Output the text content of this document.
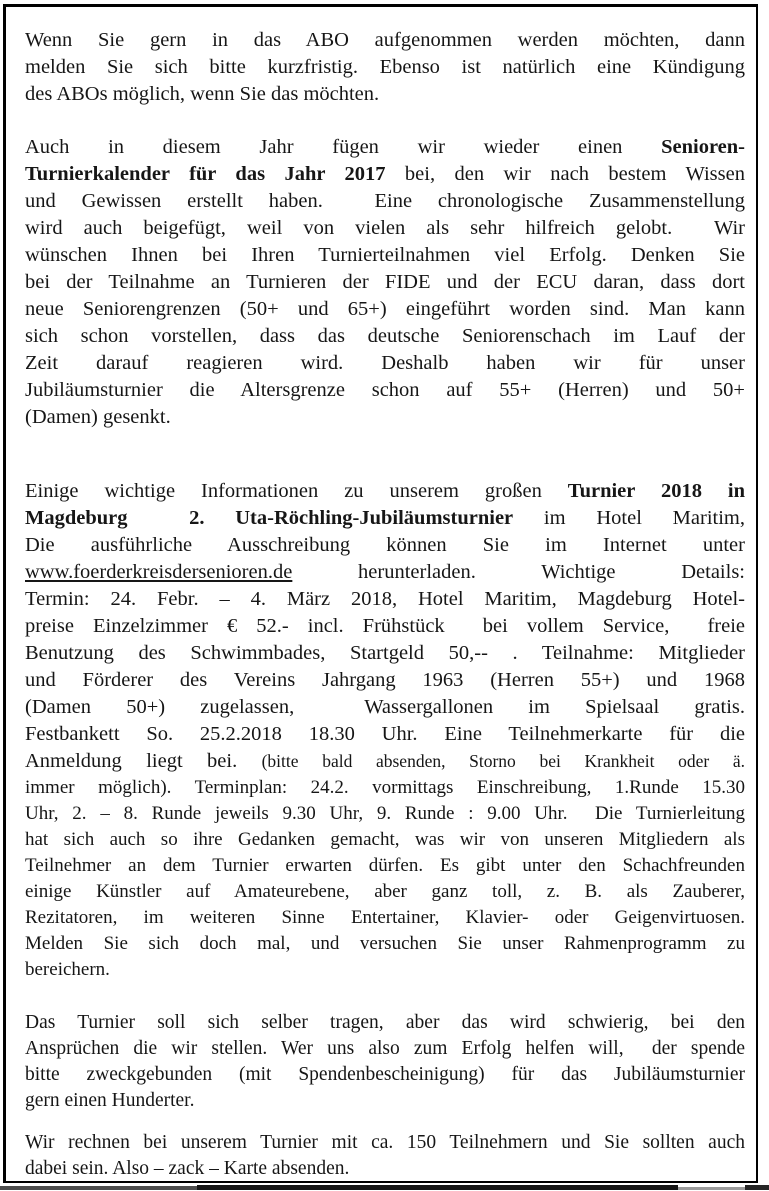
Wenn Sie gern in das ABO aufgenommen werden möchten, dann
melden Sie sich bitte kurzfristig. Ebenso ist natürlich eine Kündigung
des ABOs möglich, wenn Sie das möchten.
Auch in diesem Jahr fügen wir wieder einen Senioren-
Turnierkalender für das Jahr 2017 bei, den wir nach bestem Wissen
und Gewissen erstellt haben.  Eine chronologische Zusammenstellung
wird auch beigefügt, weil von vielen als sehr hilfreich gelobt.  Wir
wünschen Ihnen bei Ihren Turnierteilnahmen viel Erfolg. Denken Sie
bei der Teilnahme an Turnieren der FIDE und der ECU daran, dass dort
neue Seniorengrenzen (50+ und 65+) eingeführt worden sind. Man kann
sich schon vorstellen, dass das deutsche Seniorenschach im Lauf der
Zeit darauf reagieren wird. Deshalb haben wir für unser
Jubiläumsturnier die Altersgrenze schon auf 55+ (Herren) und 50+
(Damen) gesenkt.
Einige wichtige Informationen zu unserem großen Turnier 2018 in
Magdeburg  2. Uta-Röchling-Jubiläumsturnier im Hotel Maritim,
Die ausführliche Ausschreibung können Sie im Internet unter
www.foerderkreisdersenioren.de herunterladen. Wichtige Details:
Termin: 24. Febr. – 4. März 2018, Hotel Maritim, Magdeburg Hotel-
preise Einzelzimmer € 52.- incl. Frühstück  bei vollem Service,  freie
Benutzung des Schwimmbades, Startgeld 50,-- . Teilnahme: Mitglieder
und Förderer des Vereins Jahrgang 1963 (Herren 55+) und 1968
(Damen 50+) zugelassen,  Wassergallonen im Spielsaal gratis.
Festbankett So. 25.2.2018 18.30 Uhr. Eine Teilnehmerkarte für die
Anmeldung liegt bei. (bitte bald absenden, Storno bei Krankheit oder ä.
immer möglich). Terminplan: 24.2. vormittags Einschreibung, 1.Runde 15.30
Uhr, 2. – 8. Runde jeweils 9.30 Uhr, 9. Runde : 9.00 Uhr.  Die Turnierleitung
hat sich auch so ihre Gedanken gemacht, was wir von unseren Mitgliedern als
Teilnehmer an dem Turnier erwarten dürfen. Es gibt unter den Schachfreunden
einige Künstler auf Amateurebene, aber ganz toll, z. B. als Zauberer,
Rezitatoren, im weiteren Sinne Entertainer, Klavier- oder Geigenvirtuosen.
Melden Sie sich doch mal, und versuchen Sie unser Rahmenprogramm zu
bereichern.
Das Turnier soll sich selber tragen, aber das wird schwierig, bei den
Ansprüchen die wir stellen. Wer uns also zum Erfolg helfen will,  der spende
bitte zweckgebunden (mit Spendenbescheinigung) für das Jubiläumsturnier
gern einen Hunderter.
Wir rechnen bei unserem Turnier mit ca. 150 Teilnehmern und Sie sollten auch
dabei sein. Also – zack – Karte absenden.
